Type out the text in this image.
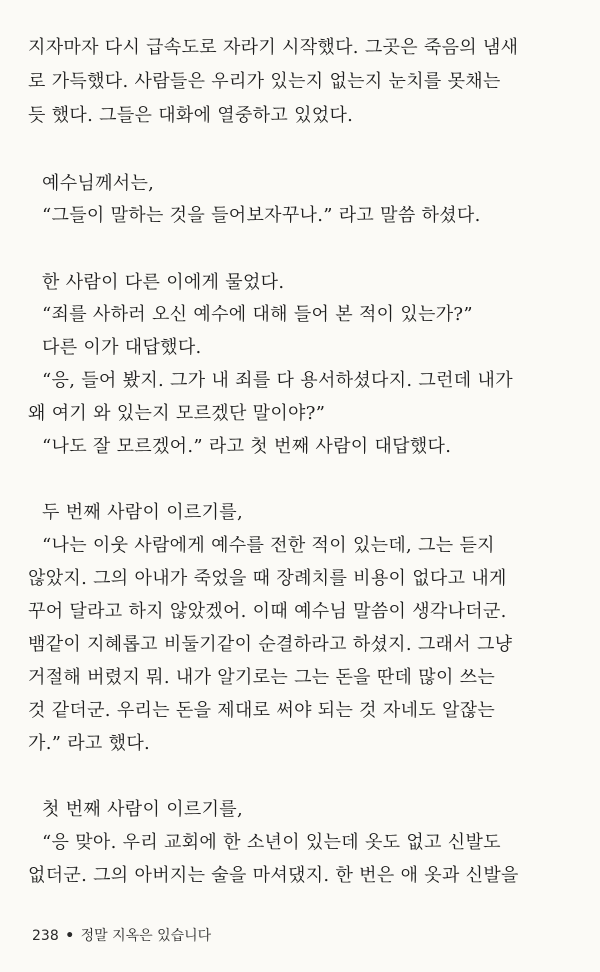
지자마자 다시 급속도로 자라기 시작했다. 그곳은 죽음의 냄새
로 가득했다. 사람들은 우리가 있는지 없는지 눈치를 못채는
듯 했다. 그들은 대화에 열중하고 있었다.
예수님께서는,
“그들이 말하는 것을 들어보자꾸나.” 라고 말씀 하셨다.
한 사람이 다른 이에게 물었다.
“죄를 사하러 오신 예수에 대해 들어 본 적이 있는가?”
다른 이가 대답했다.
“응, 들어 봤지. 그가 내 죄를 다 용서하셨다지. 그런데 내가
왜 여기 와 있는지 모르겠단 말이야?”
“나도 잘 모르겠어.” 라고 첫 번째 사람이 대답했다.
두 번째 사람이 이르기를,
“나는 이웃 사람에게 예수를 전한 적이 있는데, 그는 듣지
않았지. 그의 아내가 죽었을 때 장례치를 비용이 없다고 내게
꾸어 달라고 하지 않았겠어. 이때 예수님 말씀이 생각나더군.
뱀같이 지혜롭고 비둘기같이 순결하라고 하셨지. 그래서 그냥
거절해 버렸지 뭐. 내가 알기로는 그는 돈을 딴데 많이 쓰는
것 같더군. 우리는 돈을 제대로 써야 되는 것 자네도 알잖는
가.” 라고 했다.
첫 번째 사람이 이르기를,
“응 맞아. 우리 교회에 한 소년이 있는데 옷도 없고 신발도
없더군. 그의 아버지는 술을 마셔댔지. 한 번은 애 옷과 신발을
238 • 정말 지옥은 있습니다
